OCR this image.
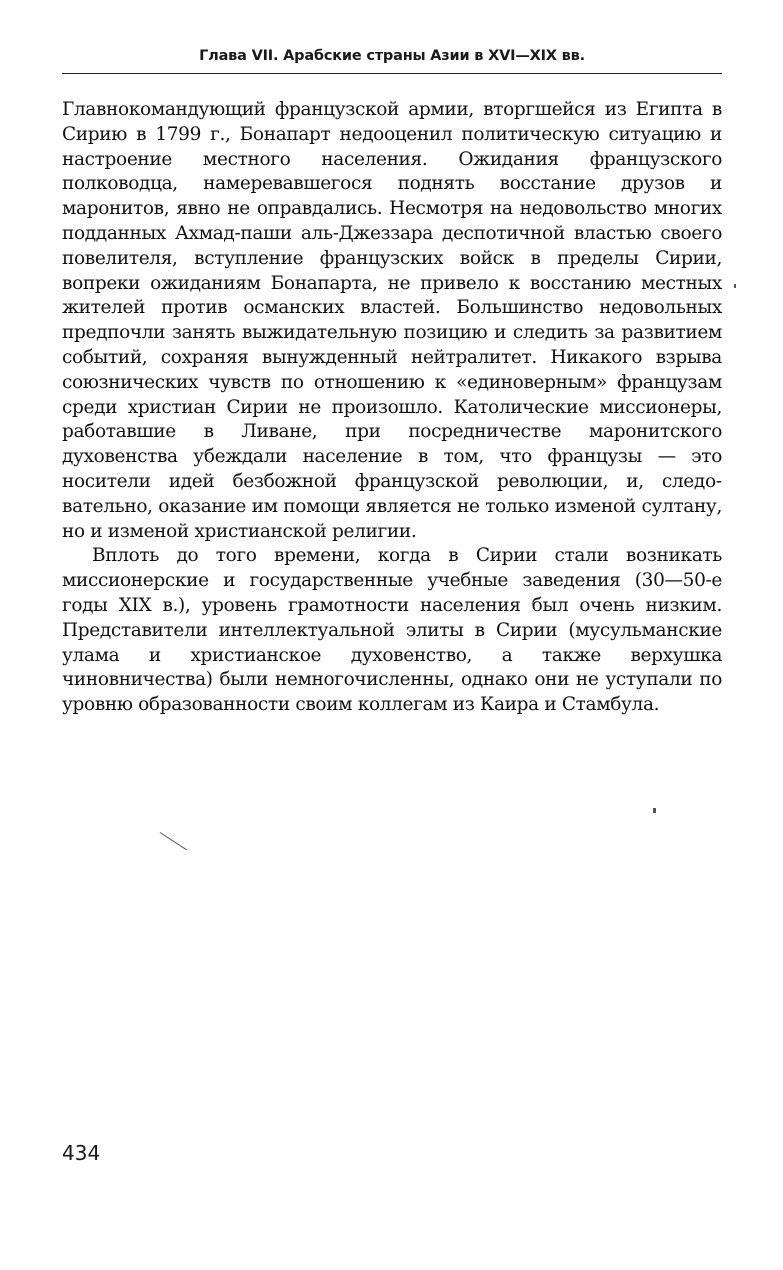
Глава VII. Арабские страны Азии в XVI—XIX вв.

Главнокомандующий французской армии, вторгшейся из Египта в Сирию в 1799 г., Бонапарт недооценил политическую ситуацию и настроение местного населения. Ожидания французского полководца, намеревавшегося поднять восстание друзов и маронитов, явно не оправдались. Несмотря на недовольство многих подданных Ахмад-паши аль-Джеззара деспотичной властью своего повелителя, вступление французских войск в пределы Сирии, вопреки ожиданиям Бонапарта, не привело к восстанию местных жителей против османских властей. Большинство недовольных предпочли занять выжидательную позицию и следить за развитием событий, сохраняя вынужденный нейтралитет. Никакого взрыва союзнических чувств по отношению к «единоверным» французам среди христиан Сирии не произошло. Католические миссионеры, работавшие в Ливане, при посредничестве маронитского духовенства убеждали население в том, что французы — это носители идей безбожной французской революции, и, следовательно, оказание им помощи является не только изменой султану, но и изменой христианской религии.

Вплоть до того времени, когда в Сирии стали возникать миссионерские и государственные учебные заведения (30—50-е годы XIX в.), уровень грамотности населения был очень низким. Представители интеллектуальной элиты в Сирии (мусульманские улама и христианское духовенство, а также верхушка чиновничества) были немногочисленны, однако они не уступали по уровню образованности своим коллегам из Каира и Стамбула.

434
